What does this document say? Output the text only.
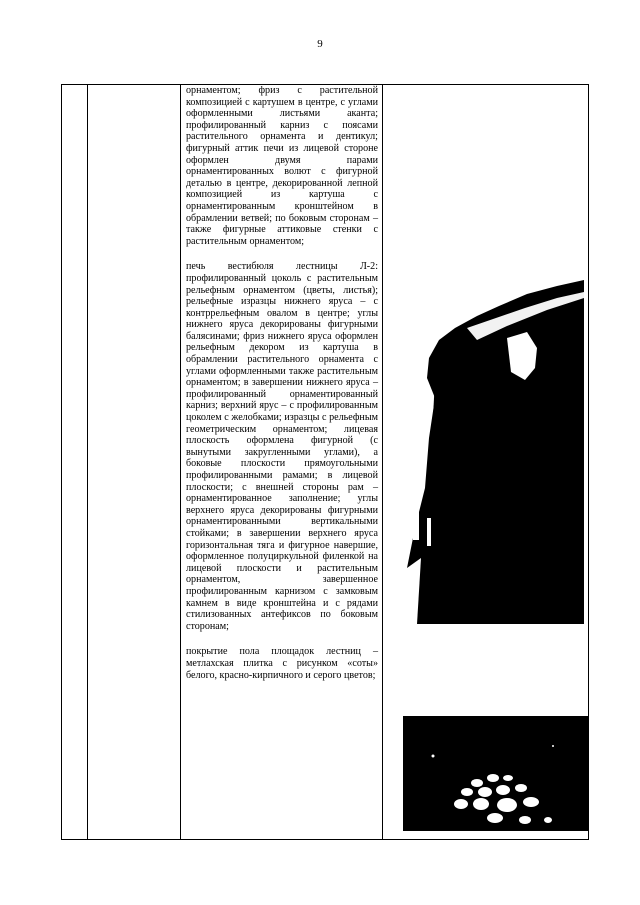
9

орнаментом; фриз с растительной композицией с картушем в центре, с углами оформленными листьями аканта; профилированный карниз с поясами растительного орнамента и дентикул; фигурный аттик печи из лицевой стороне оформлен двумя парами орнаментированных волют с фигурной деталью в центре, декорированной лепной композицией из картуша с орнаментированным кронштейном в обрамлении ветвей; по боковым сторонам – также фигурные аттиковые стенки с растительным орнаментом;

печь вестибюля лестницы Л-2: профилированный цоколь с растительным рельефным орнаментом (цветы, листья); рельефные изразцы нижнего яруса – с контррельефным овалом в центре; углы нижнего яруса декорированы фигурными балясинами; фриз нижнего яруса оформлен рельефным декором из картуша в обрамлении растительного орнамента с углами оформленными также растительным орнаментом; в завершении нижнего яруса – профилированный орнаментированный карниз; верхний ярус – с профилированным цоколем с желобками; изразцы с рельефным геометрическим орнаментом; лицевая плоскость оформлена фигурной (с вынутыми закругленными углами), а боковые плоскости прямоугольными профилированными рамами; в лицевой плоскости; с внешней стороны рам – орнаментированное заполнение; углы верхнего яруса декорированы фигурными орнаментированными вертикальными стойками; в завершении верхнего яруса горизонтальная тяга и фигурное навершие, оформленное полуциркульной филенкой на лицевой плоскости и растительным орнаментом, завершенное профилированным карнизом с замковым камнем в виде кронштейна и с рядами стилизованных антефиксов по боковым сторонам;

покрытие пола площадок лестниц – метлахская плитка с рисунком «соты» белого, красно-кирпичного и серого цветов;
